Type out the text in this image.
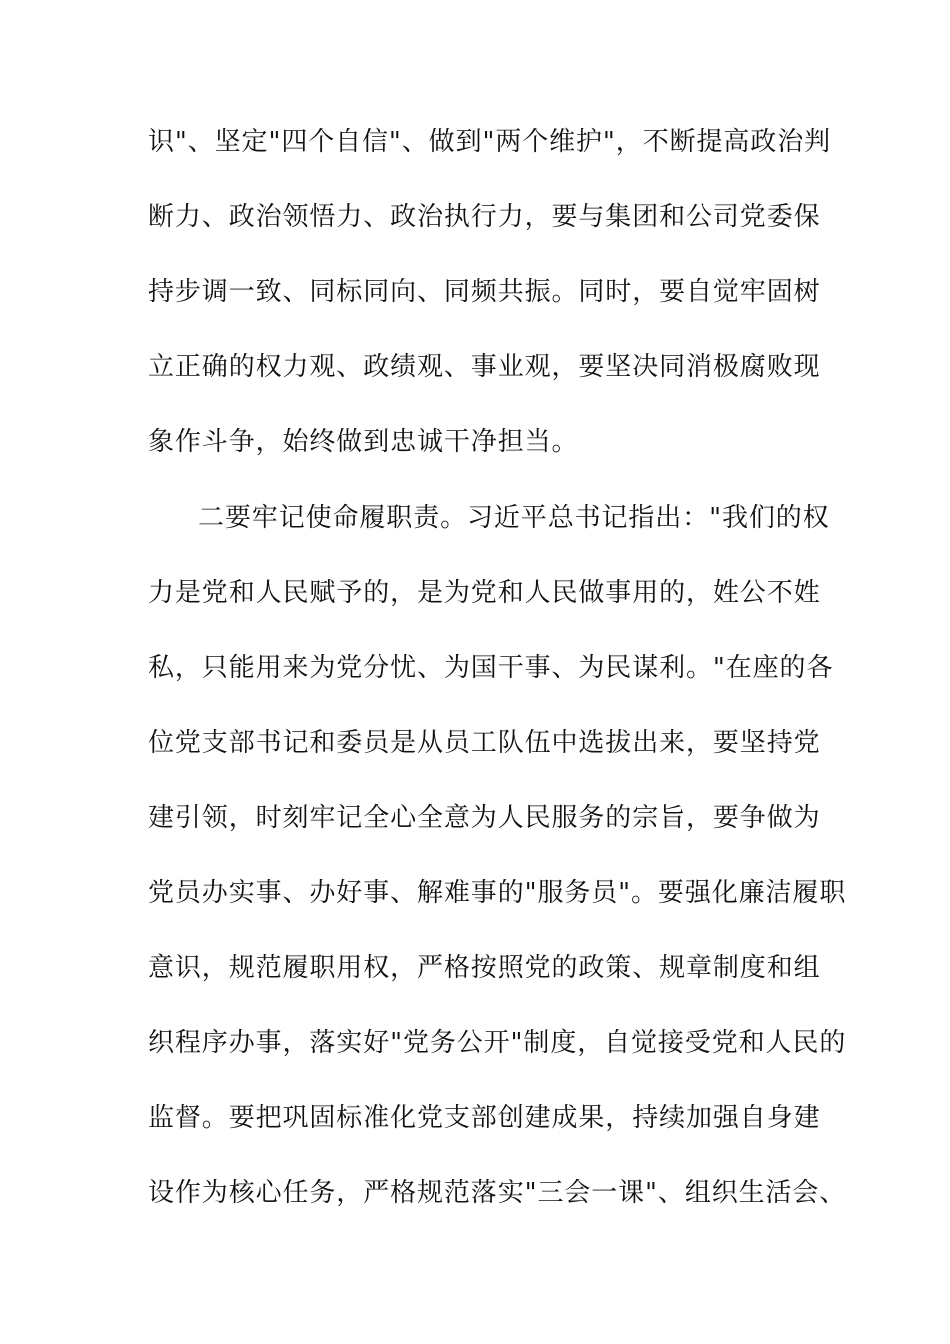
识"、坚定"四个自信"、做到"两个维护"，不断提高政治判
断力、政治领悟力、政治执行力，要与集团和公司党委保
持步调一致、同标同向、同频共振。同时，要自觉牢固树
立正确的权力观、政绩观、事业观，要坚决同消极腐败现
象作斗争，始终做到忠诚干净担当。
二要牢记使命履职责。习近平总书记指出："我们的权
力是党和人民赋予的，是为党和人民做事用的，姓公不姓
私，只能用来为党分忧、为国干事、为民谋利。"在座的各
位党支部书记和委员是从员工队伍中选拔出来，要坚持党
建引领，时刻牢记全心全意为人民服务的宗旨，要争做为
党员办实事、办好事、解难事的"服务员"。要强化廉洁履职
意识，规范履职用权，严格按照党的政策、规章制度和组
织程序办事，落实好"党务公开"制度，自觉接受党和人民的
监督。要把巩固标准化党支部创建成果，持续加强自身建
设作为核心任务，严格规范落实"三会一课"、组织生活会、
